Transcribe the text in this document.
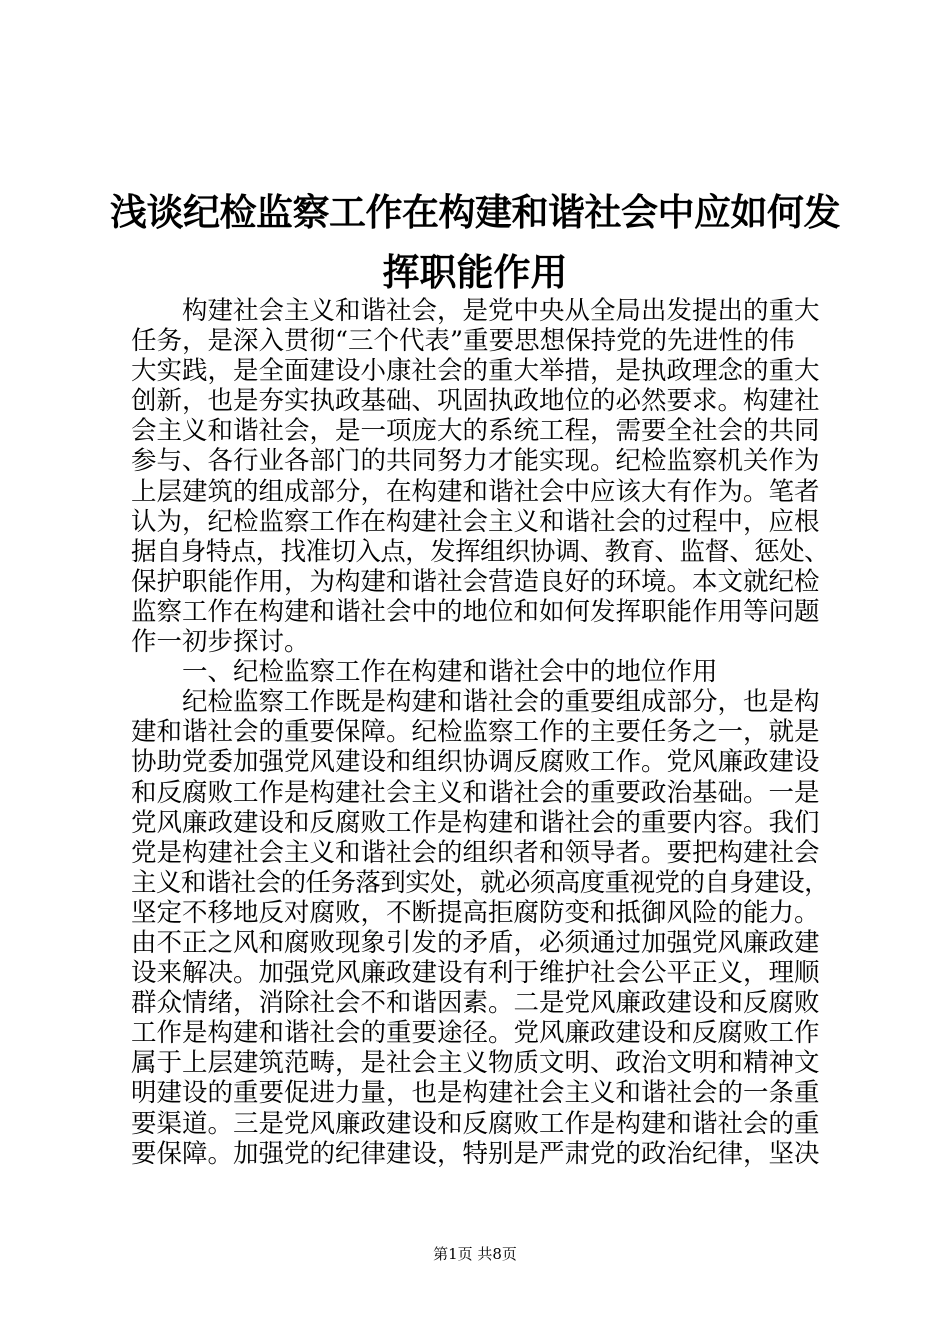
浅谈纪检监察工作在构建和谐社会中应如何发
挥职能作用
构建社会主义和谐社会，是党中央从全局出发提出的重大
任务，是深入贯彻“三个代表”重要思想保持党的先进性的伟
大实践，是全面建设小康社会的重大举措，是执政理念的重大
创新，也是夯实执政基础、巩固执政地位的必然要求。构建社
会主义和谐社会，是一项庞大的系统工程，需要全社会的共同
参与、各行业各部门的共同努力才能实现。纪检监察机关作为
上层建筑的组成部分，在构建和谐社会中应该大有作为。笔者
认为，纪检监察工作在构建社会主义和谐社会的过程中，应根
据自身特点，找准切入点，发挥组织协调、教育、监督、惩处、
保护职能作用，为构建和谐社会营造良好的环境。本文就纪检
监察工作在构建和谐社会中的地位和如何发挥职能作用等问题
作一初步探讨。
一、纪检监察工作在构建和谐社会中的地位作用
纪检监察工作既是构建和谐社会的重要组成部分，也是构
建和谐社会的重要保障。纪检监察工作的主要任务之一，就是
协助党委加强党风建设和组织协调反腐败工作。党风廉政建设
和反腐败工作是构建社会主义和谐社会的重要政治基础。一是
党风廉政建设和反腐败工作是构建和谐社会的重要内容。我们
党是构建社会主义和谐社会的组织者和领导者。要把构建社会
主义和谐社会的任务落到实处，就必须高度重视党的自身建设，
坚定不移地反对腐败，不断提高拒腐防变和抵御风险的能力。
由不正之风和腐败现象引发的矛盾，必须通过加强党风廉政建
设来解决。加强党风廉政建设有利于维护社会公平正义，理顺
群众情绪，消除社会不和谐因素。二是党风廉政建设和反腐败
工作是构建和谐社会的重要途径。党风廉政建设和反腐败工作
属于上层建筑范畴，是社会主义物质文明、政治文明和精神文
明建设的重要促进力量，也是构建社会主义和谐社会的一条重
要渠道。三是党风廉政建设和反腐败工作是构建和谐社会的重
要保障。加强党的纪律建设，特别是严肃党的政治纪律，坚决
第1页 共8页
